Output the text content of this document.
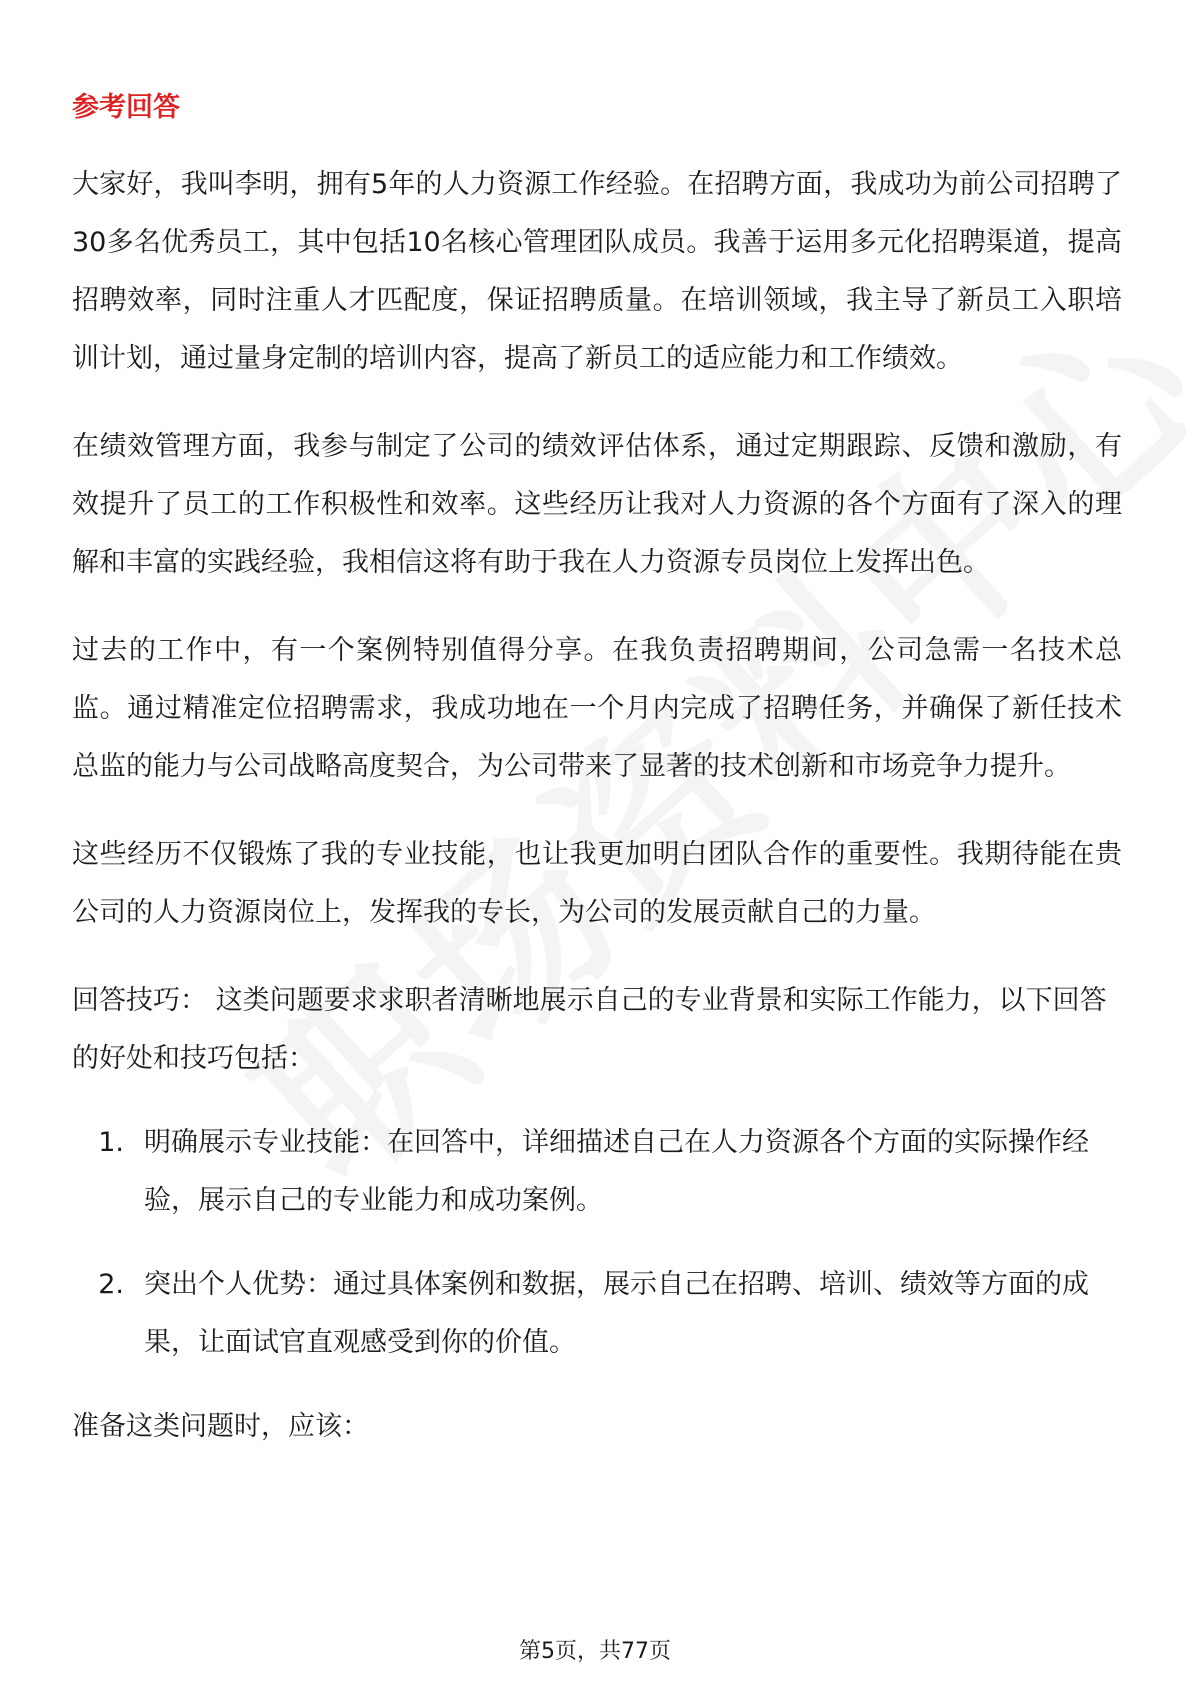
参考回答

大家好，我叫李明，拥有5年的人力资源工作经验。在招聘方面，我成功为前公司招聘了30多名优秀员工，其中包括10名核心管理团队成员。我善于运用多元化招聘渠道，提高招聘效率，同时注重人才匹配度，保证招聘质量。在培训领域，我主导了新员工入职培训计划，通过量身定制的培训内容，提高了新员工的适应能力和工作绩效。

在绩效管理方面，我参与制定了公司的绩效评估体系，通过定期跟踪、反馈和激励，有效提升了员工的工作积极性和效率。这些经历让我对人力资源的各个方面有了深入的理解和丰富的实践经验，我相信这将有助于我在人力资源专员岗位上发挥出色。

过去的工作中，有一个案例特别值得分享。在我负责招聘期间，公司急需一名技术总监。通过精准定位招聘需求，我成功地在一个月内完成了招聘任务，并确保了新任技术总监的能力与公司战略高度契合，为公司带来了显著的技术创新和市场竞争力提升。

这些经历不仅锻炼了我的专业技能，也让我更加明白团队合作的重要性。我期待能在贵公司的人力资源岗位上，发挥我的专长，为公司的发展贡献自己的力量。

回答技巧： 这类问题要求求职者清晰地展示自己的专业背景和实际工作能力，以下回答的好处和技巧包括：

1. 明确展示专业技能：在回答中，详细描述自己在人力资源各个方面的实际操作经验，展示自己的专业能力和成功案例。
2. 突出个人优势：通过具体案例和数据，展示自己在招聘、培训、绩效等方面的成果，让面试官直观感受到你的价值。

准备这类问题时，应该：

第5页，共77页
